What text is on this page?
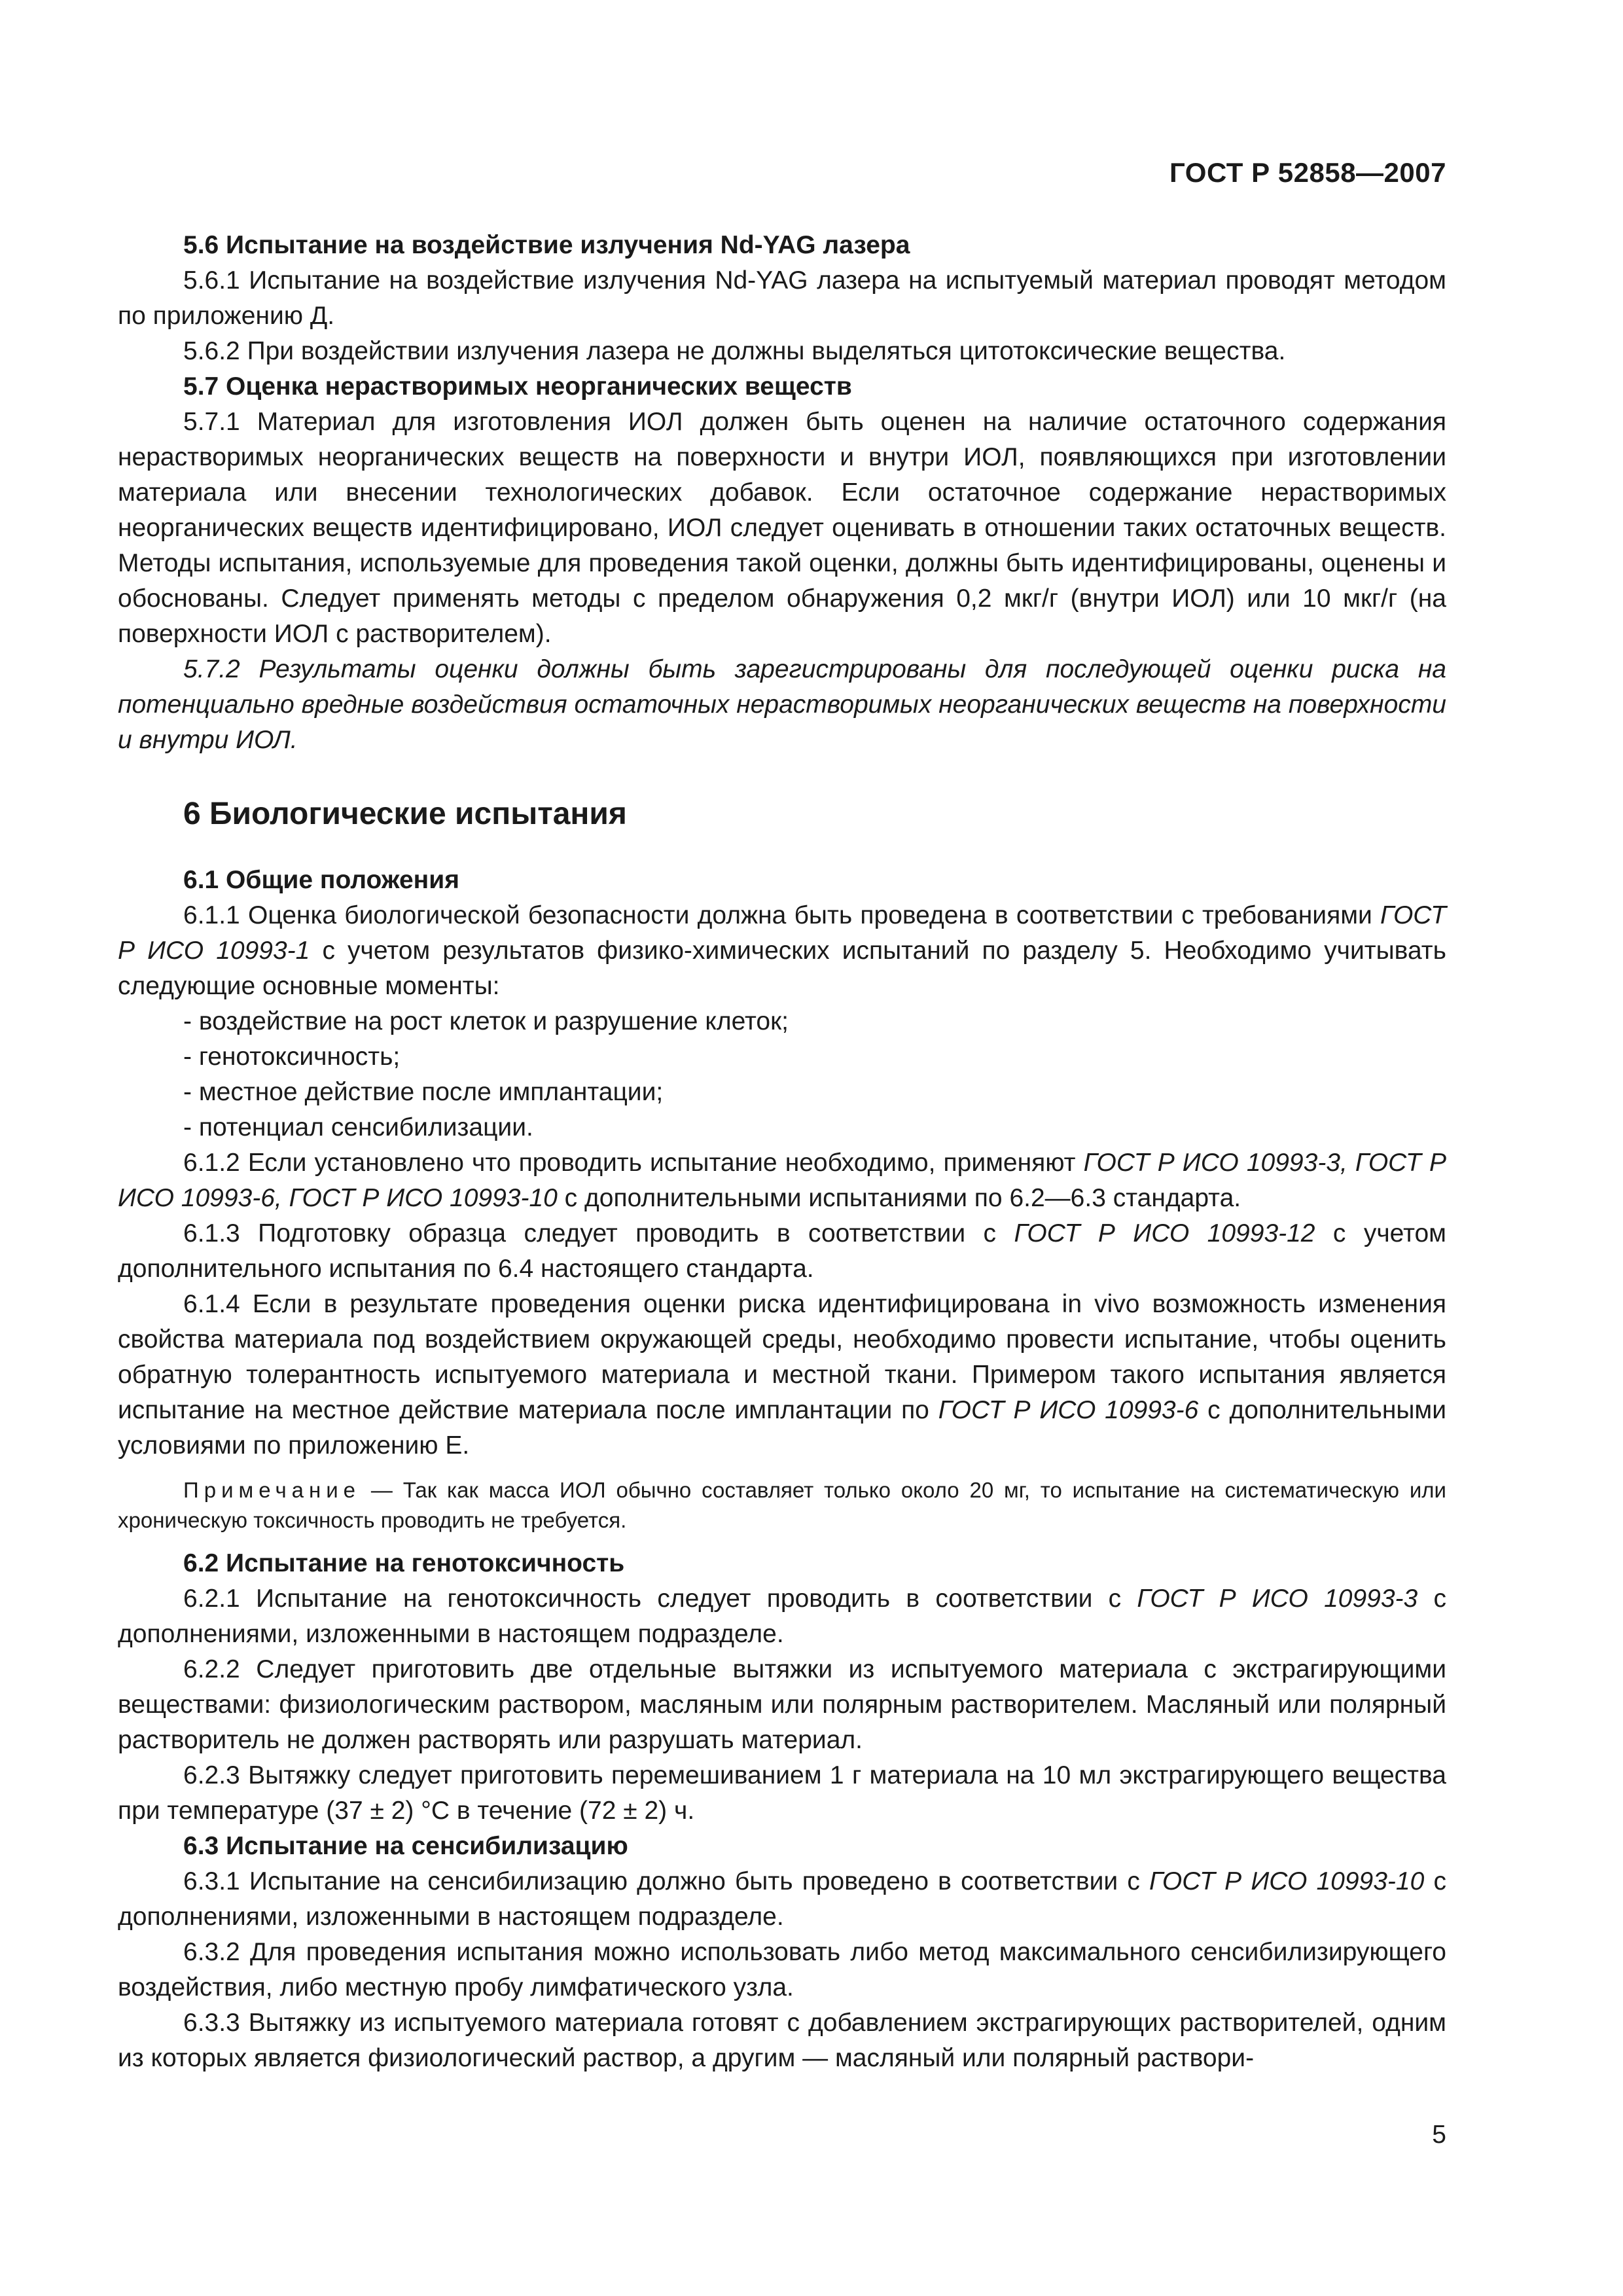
ГОСТ Р 52858—2007

5.6 Испытание на воздействие излучения Nd-YAG лазера

5.6.1 Испытание на воздействие излучения Nd-YAG лазера на испытуемый материал проводят методом по приложению Д.

5.6.2 При воздействии излучения лазера не должны выделяться цитотоксические вещества.

5.7 Оценка нерастворимых неорганических веществ

5.7.1 Материал для изготовления ИОЛ должен быть оценен на наличие остаточного содержания нерастворимых неорганических веществ на поверхности и внутри ИОЛ, появляющихся при изготовлении материала или внесении технологических добавок. Если остаточное содержание нерастворимых неорганических веществ идентифицировано, ИОЛ следует оценивать в отношении таких остаточных веществ. Методы испытания, используемые для проведения такой оценки, должны быть идентифицированы, оценены и обоснованы. Следует применять методы с пределом обнаружения 0,2 мкг/г (внутри ИОЛ) или 10 мкг/г (на поверхности ИОЛ с растворителем).

5.7.2 Результаты оценки должны быть зарегистрированы для последующей оценки риска на потенциально вредные воздействия остаточных нерастворимых неорганических веществ на поверхности и внутри ИОЛ.

6 Биологические испытания

6.1 Общие положения

6.1.1 Оценка биологической безопасности должна быть проведена в соответствии с требованиями ГОСТ Р ИСО 10993-1 с учетом результатов физико-химических испытаний по разделу 5. Необходимо учитывать следующие основные моменты:

- воздействие на рост клеток и разрушение клеток;
- генотоксичность;
- местное действие после имплантации;
- потенциал сенсибилизации.

6.1.2 Если установлено что проводить испытание необходимо, применяют ГОСТ Р ИСО 10993-3, ГОСТ Р ИСО 10993-6, ГОСТ Р ИСО 10993-10 с дополнительными испытаниями по 6.2—6.3 стандарта.

6.1.3 Подготовку образца следует проводить в соответствии с ГОСТ Р ИСО 10993-12 с учетом дополнительного испытания по 6.4 настоящего стандарта.

6.1.4 Если в результате проведения оценки риска идентифицирована in vivo возможность изменения свойства материала под воздействием окружающей среды, необходимо провести испытание, чтобы оценить обратную толерантность испытуемого материала и местной ткани. Примером такого испытания является испытание на местное действие материала после имплантации по ГОСТ Р ИСО 10993-6 с дополнительными условиями по приложению Е.

Примечание — Так как масса ИОЛ обычно составляет только около 20 мг, то испытание на систематическую или хроническую токсичность проводить не требуется.

6.2 Испытание на генотоксичность

6.2.1 Испытание на генотоксичность следует проводить в соответствии с ГОСТ Р ИСО 10993-3 с дополнениями, изложенными в настоящем подразделе.

6.2.2 Следует приготовить две отдельные вытяжки из испытуемого материала с экстрагирующими веществами: физиологическим раствором, масляным или полярным растворителем. Масляный или полярный растворитель не должен растворять или разрушать материал.

6.2.3 Вытяжку следует приготовить перемешиванием 1 г материала на 10 мл экстрагирующего вещества при температуре (37 ± 2) °С в течение (72 ± 2) ч.

6.3 Испытание на сенсибилизацию

6.3.1 Испытание на сенсибилизацию должно быть проведено в соответствии с ГОСТ Р ИСО 10993-10 с дополнениями, изложенными в настоящем подразделе.

6.3.2 Для проведения испытания можно использовать либо метод максимального сенсибилизирующего воздействия, либо местную пробу лимфатического узла.

6.3.3 Вытяжку из испытуемого материала готовят с добавлением экстрагирующих растворителей, одним из которых является физиологический раствор, а другим — масляный или полярный раствори-

5
